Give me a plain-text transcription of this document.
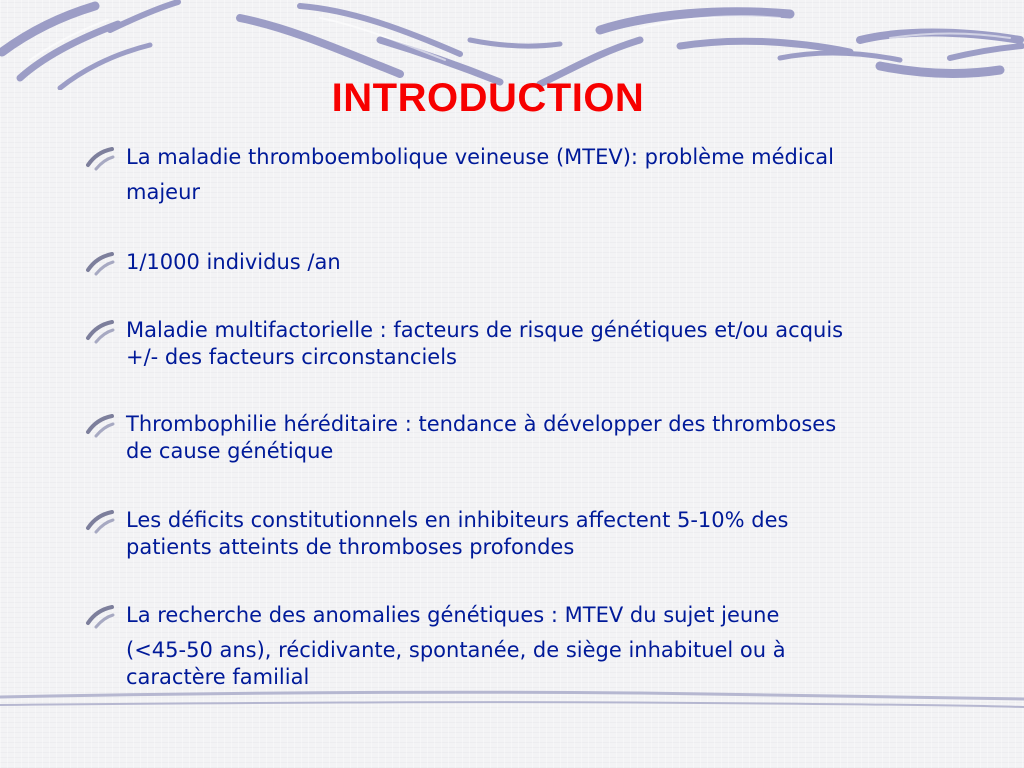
INTRODUCTION
La maladie thromboembolique veineuse (MTEV): problème médical
majeur
1/1000 individus /an
Maladie multifactorielle : facteurs de risque génétiques et/ou acquis
+/- des facteurs circonstanciels
Thrombophilie héréditaire : tendance à développer des thromboses
de cause génétique
Les déficits constitutionnels en inhibiteurs affectent 5-10% des
patients atteints de thromboses profondes
La recherche des anomalies génétiques : MTEV du sujet jeune
(<45-50 ans), récidivante, spontanée, de siège inhabituel ou à
caractère familial
